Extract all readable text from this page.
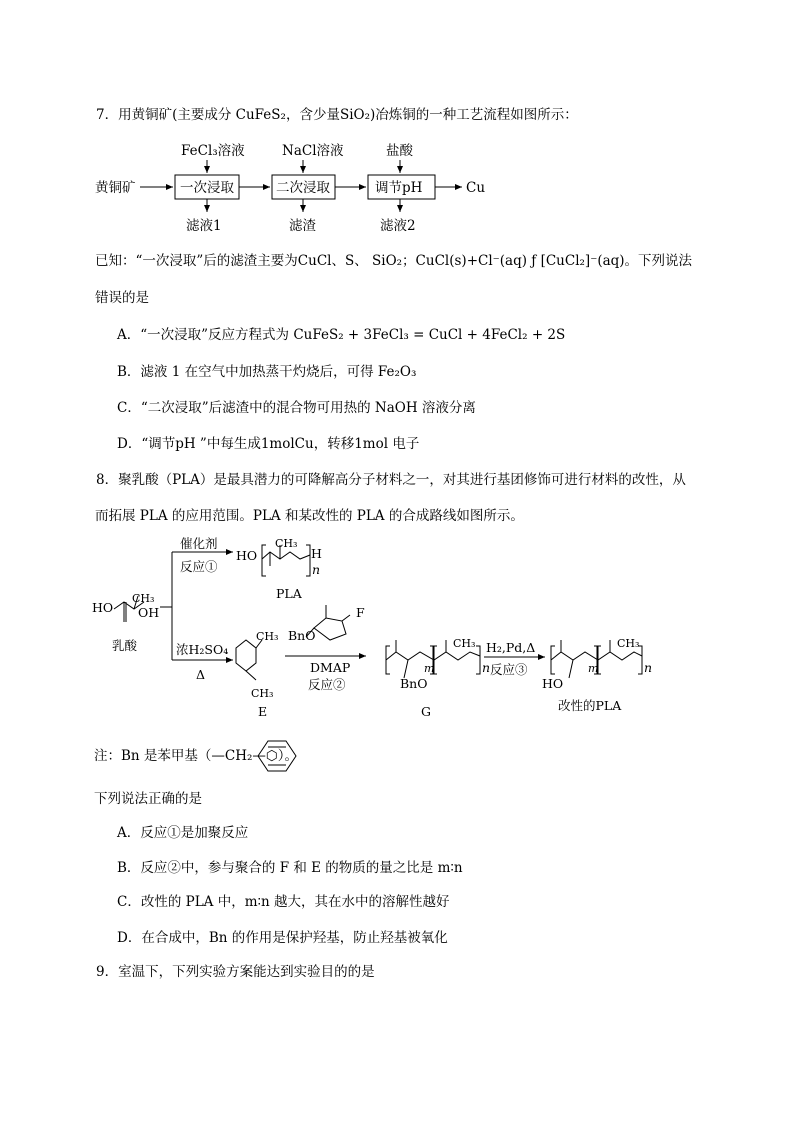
7．用黄铜矿(主要成分 CuFeS₂，含少量SiO₂)冶炼铜的一种工艺流程如图所示：
黄铜矿	一次浸取	二次浸取	调节pH	Cu
FeCl₃溶液	NaCl溶液	盐酸
滤液1	滤渣	滤液2
已知：“一次浸取”后的滤渣主要为CuCl、S、 SiO₂；CuCl(s)+Cl⁻(aq) ƒ [CuCl₂]⁻(aq)。下列说法
错误的是
A．“一次浸取”反应方程式为 CuFeS₂ + 3FeCl₃ = CuCl + 4FeCl₂ + 2S
B．滤液 1 在空气中加热蒸干灼烧后，可得 Fe₂O₃
C．“二次浸取”后滤渣中的混合物可用热的 NaOH 溶液分离
D．“调节pH ”中每生成1molCu，转移1mol 电子
8．聚乳酸（PLA）是最具潜力的可降解高分子材料之一，对其进行基团修饰可进行材料的改性，从
而拓展 PLA 的应用范围。PLA 和某改性的 PLA 的合成路线如图所示。
催化剂
反应①
HO
CH₃
H
n
PLA
HO
CH₃
OH
乳酸	浓H₂SO₄
Δ
CH₃
CH₃
E
BnO
F
DMAP
反应②
m
CH₃
n
BnO
G
H₂,Pd,Δ
反应③	m
CH₃
n
HO
改性的PLA
注：Bn 是苯甲基（—CH₂—⬡）。
下列说法正确的是
A．反应①是加聚反应
B．反应②中，参与聚合的 F 和 E 的物质的量之比是 m∶n
C．改性的 PLA 中，m∶n 越大，其在水中的溶解性越好
D．在合成中，Bn 的作用是保护羟基，防止羟基被氧化
9．室温下，下列实验方案能达到实验目的的是
